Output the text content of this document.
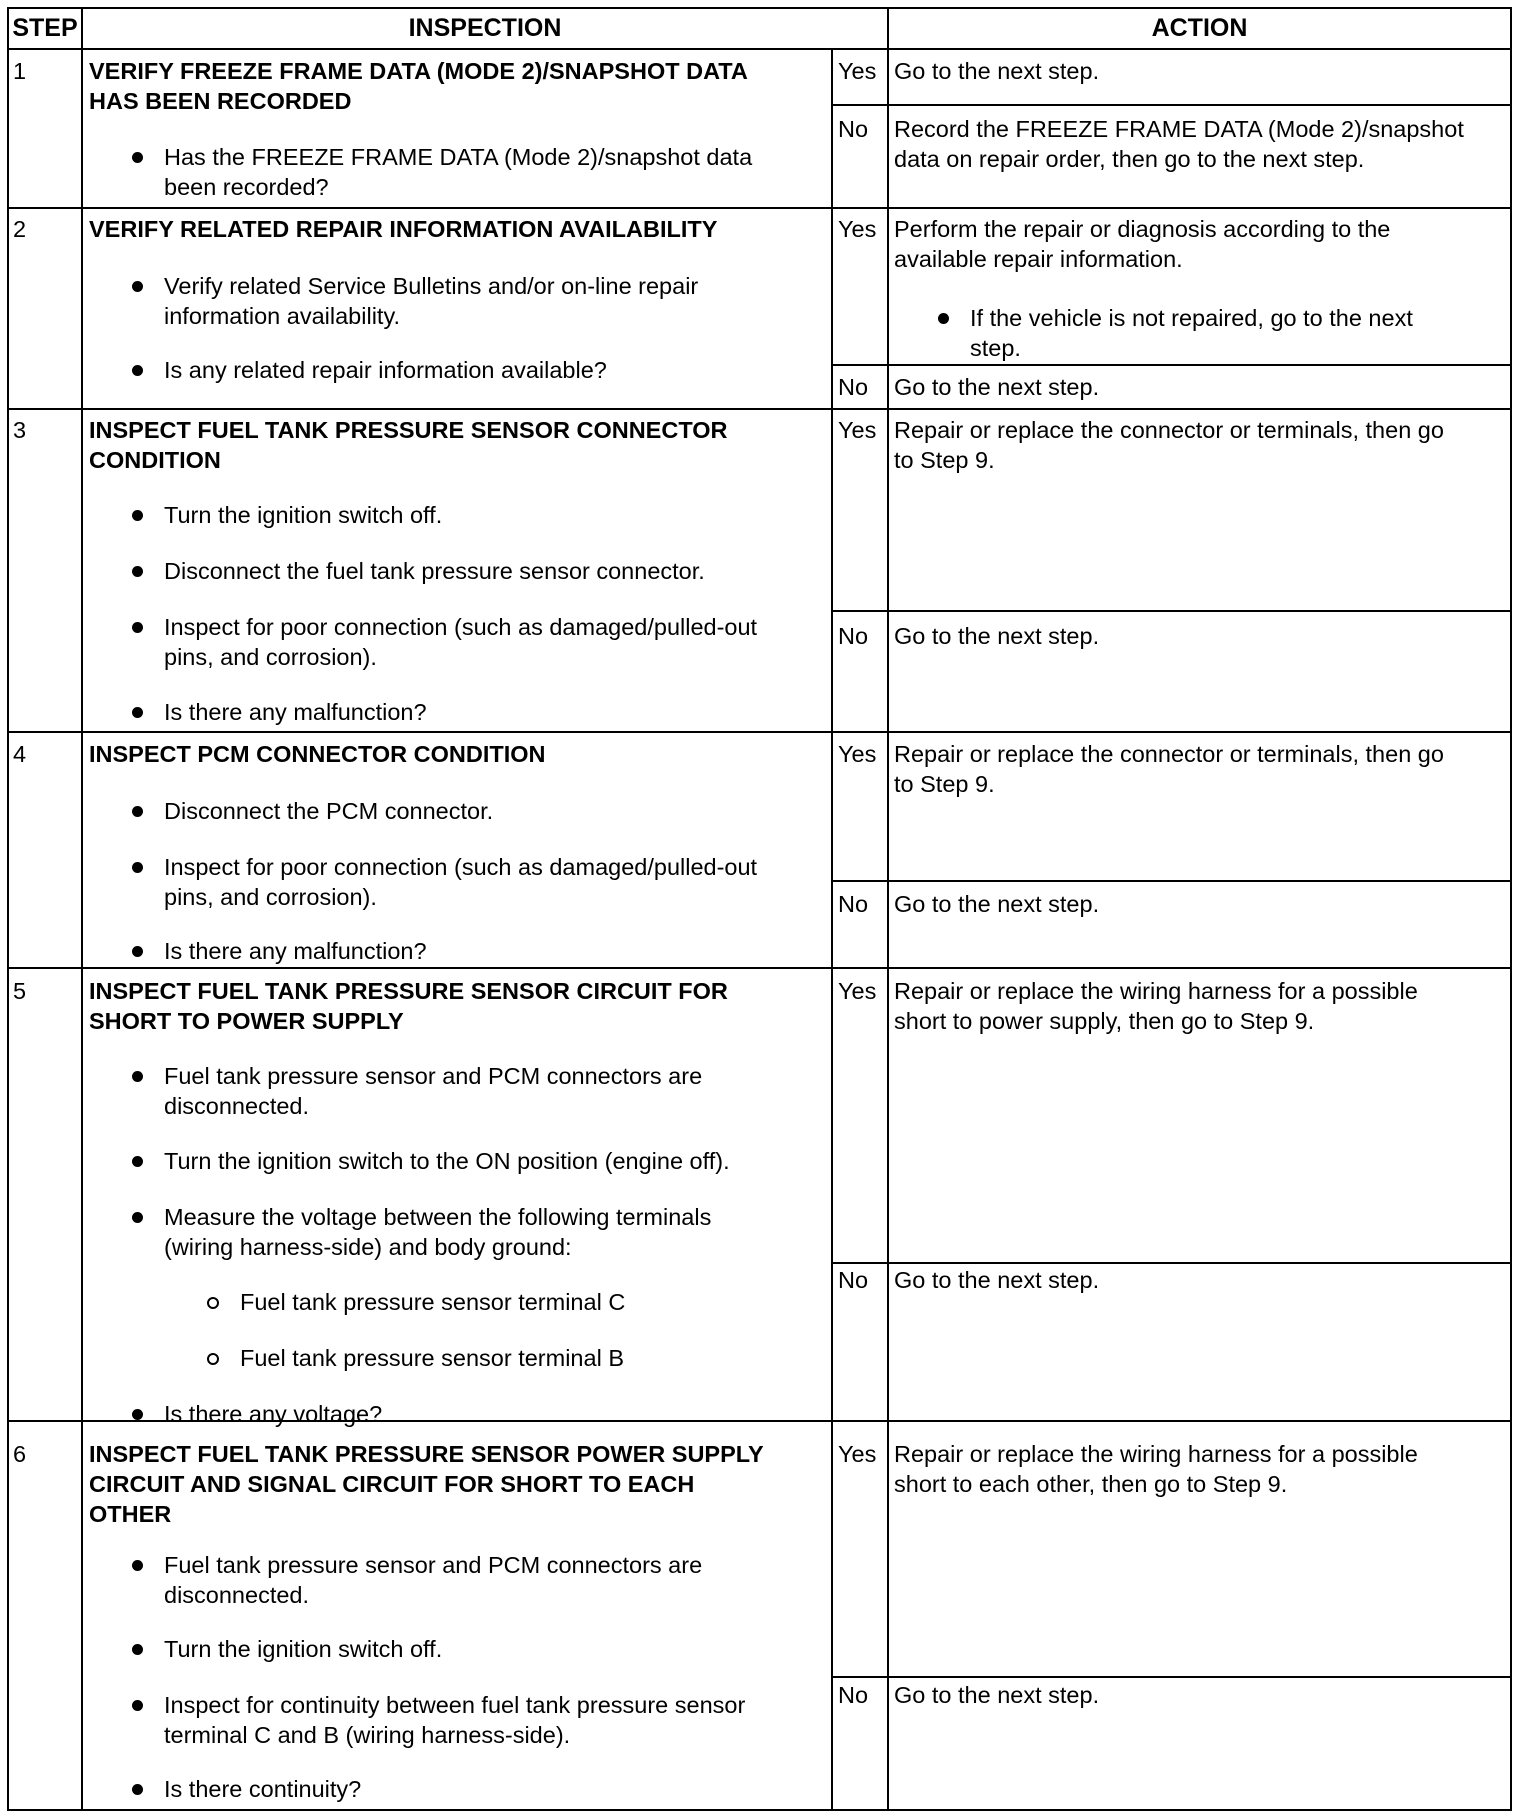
STEP	INSPECTION	ACTION
1	VERIFY FREEZE FRAME DATA (MODE 2)/SNAPSHOT DATA
HAS BEEN RECORDED
Has the FREEZE FRAME DATA (Mode 2)/snapshot data
been recorded?
Yes Go to the next step.
No Record the FREEZE FRAME DATA (Mode 2)/snapshot
data on repair order, then go to the next step.
2	VERIFY RELATED REPAIR INFORMATION AVAILABILITY
Verify related Service Bulletins and/or on-line repair
information availability.
Is any related repair information available?
Yes Perform the repair or diagnosis according to the
available repair information.
If the vehicle is not repaired, go to the next
step.
No Go to the next step.
3	INSPECT FUEL TANK PRESSURE SENSOR CONNECTOR
CONDITION
Turn the ignition switch off.
Disconnect the fuel tank pressure sensor connector.
Inspect for poor connection (such as damaged/pulled-out
pins, and corrosion).
Is there any malfunction?
Yes Repair or replace the connector or terminals, then go
to Step 9.
No Go to the next step.
4	INSPECT PCM CONNECTOR CONDITION
Disconnect the PCM connector.
Inspect for poor connection (such as damaged/pulled-out
pins, and corrosion).
Is there any malfunction?
Yes Repair or replace the connector or terminals, then go
to Step 9.
No Go to the next step.
5	INSPECT FUEL TANK PRESSURE SENSOR CIRCUIT FOR
SHORT TO POWER SUPPLY
Fuel tank pressure sensor and PCM connectors are
disconnected.
Turn the ignition switch to the ON position (engine off).
Measure the voltage between the following terminals
(wiring harness-side) and body ground:
Fuel tank pressure sensor terminal C
Fuel tank pressure sensor terminal B
Is there any voltage?
Yes Repair or replace the wiring harness for a possible
short to power supply, then go to Step 9.
No Go to the next step.
6	INSPECT FUEL TANK PRESSURE SENSOR POWER SUPPLY
CIRCUIT AND SIGNAL CIRCUIT FOR SHORT TO EACH
OTHER
Fuel tank pressure sensor and PCM connectors are
disconnected.
Turn the ignition switch off.
Inspect for continuity between fuel tank pressure sensor
terminal C and B (wiring harness-side).
Is there continuity?
Yes Repair or replace the wiring harness for a possible
short to each other, then go to Step 9.
No Go to the next step.
